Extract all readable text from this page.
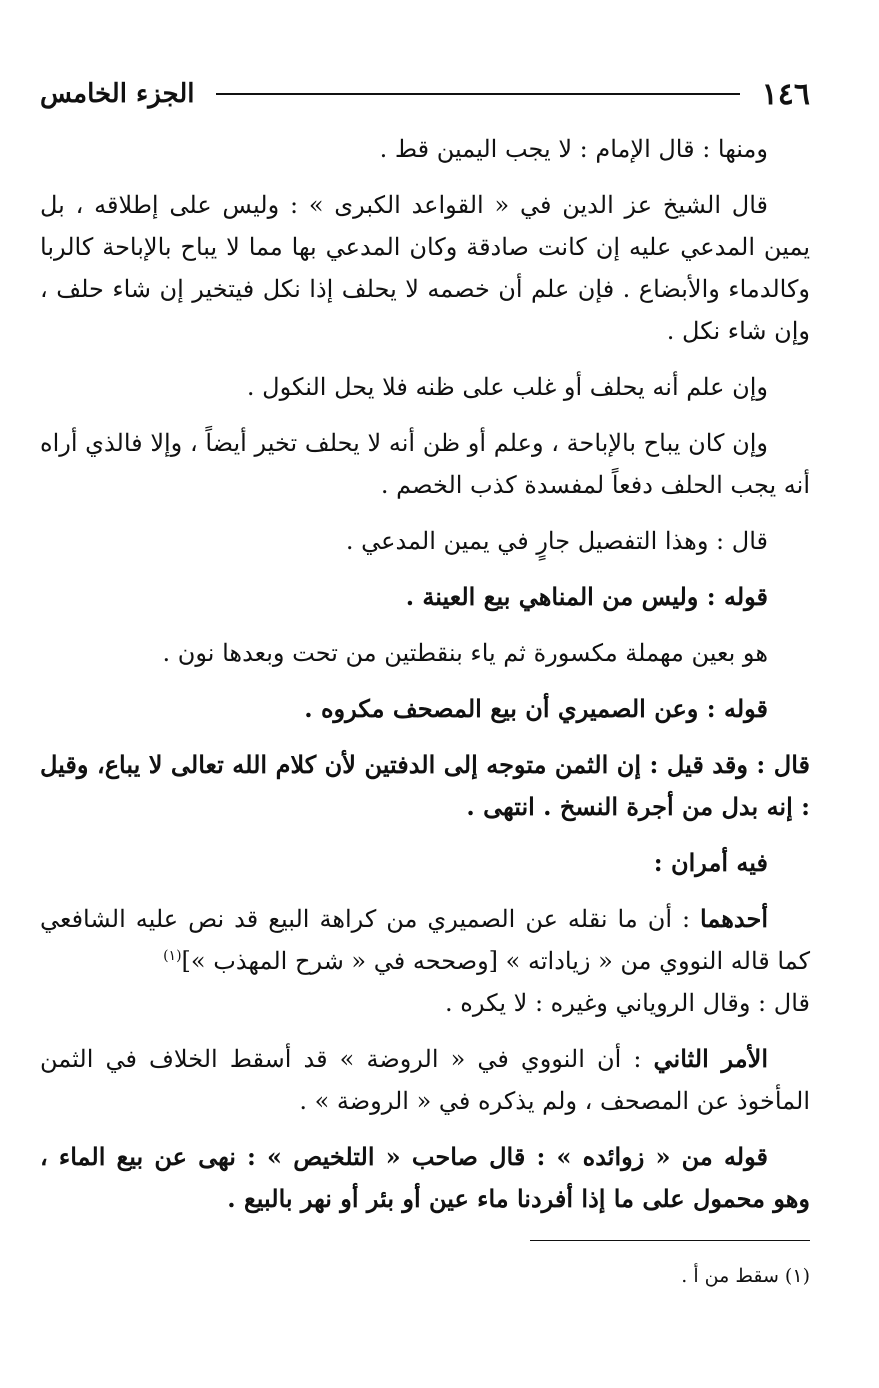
١٤٦
الجزء الخامس

ومنها : قال الإمام : لا يجب اليمين قط .

قال الشيخ عز الدين في « القواعد الكبرى » : وليس على إطلاقه ، بل يمين المدعي عليه إن كانت صادقة وكان المدعي بها مما لا يباح بالإباحة كالربا وكالدماء والأبضاع . فإن علم أن خصمه لا يحلف إذا نكل فيتخير إن شاء حلف ، وإن شاء نكل .

وإن علم أنه يحلف أو غلب على ظنه فلا يحل النكول .

وإن كان يباح بالإباحة ، وعلم أو ظن أنه لا يحلف تخير أيضاً ، وإلا فالذي أراه أنه يجب الحلف دفعاً لمفسدة كذب الخصم .

قال : وهذا التفصيل جارٍ في يمين المدعي .

قوله : وليس من المناهي بيع العينة .

هو بعين مهملة مكسورة ثم ياء بنقطتين من تحت وبعدها نون .

قوله : وعن الصميري أن بيع المصحف مكروه .

قال : وقد قيل : إن الثمن متوجه إلى الدفتين لأن كلام الله تعالى لا يباع، وقيل : إنه بدل من أجرة النسخ . انتهى .

فيه أمران :

أحدهما : أن ما نقله عن الصميري من كراهة البيع قد نص عليه الشافعي كما قاله النووي من « زياداته » [وصححه في « شرح المهذب »]$^{(١)}$
قال : وقال الروياني وغيره : لا يكره .

الأمر الثاني : أن النووي في « الروضة » قد أسقط الخلاف في الثمن المأخوذ عن المصحف ، ولم يذكره في « الروضة » .

قوله من « زوائده » : قال صاحب « التلخيص » : نهى عن بيع الماء ، وهو محمول على ما إذا أفردنا ماء عين أو بئر أو نهر بالبيع .

(١) سقط من أ .
